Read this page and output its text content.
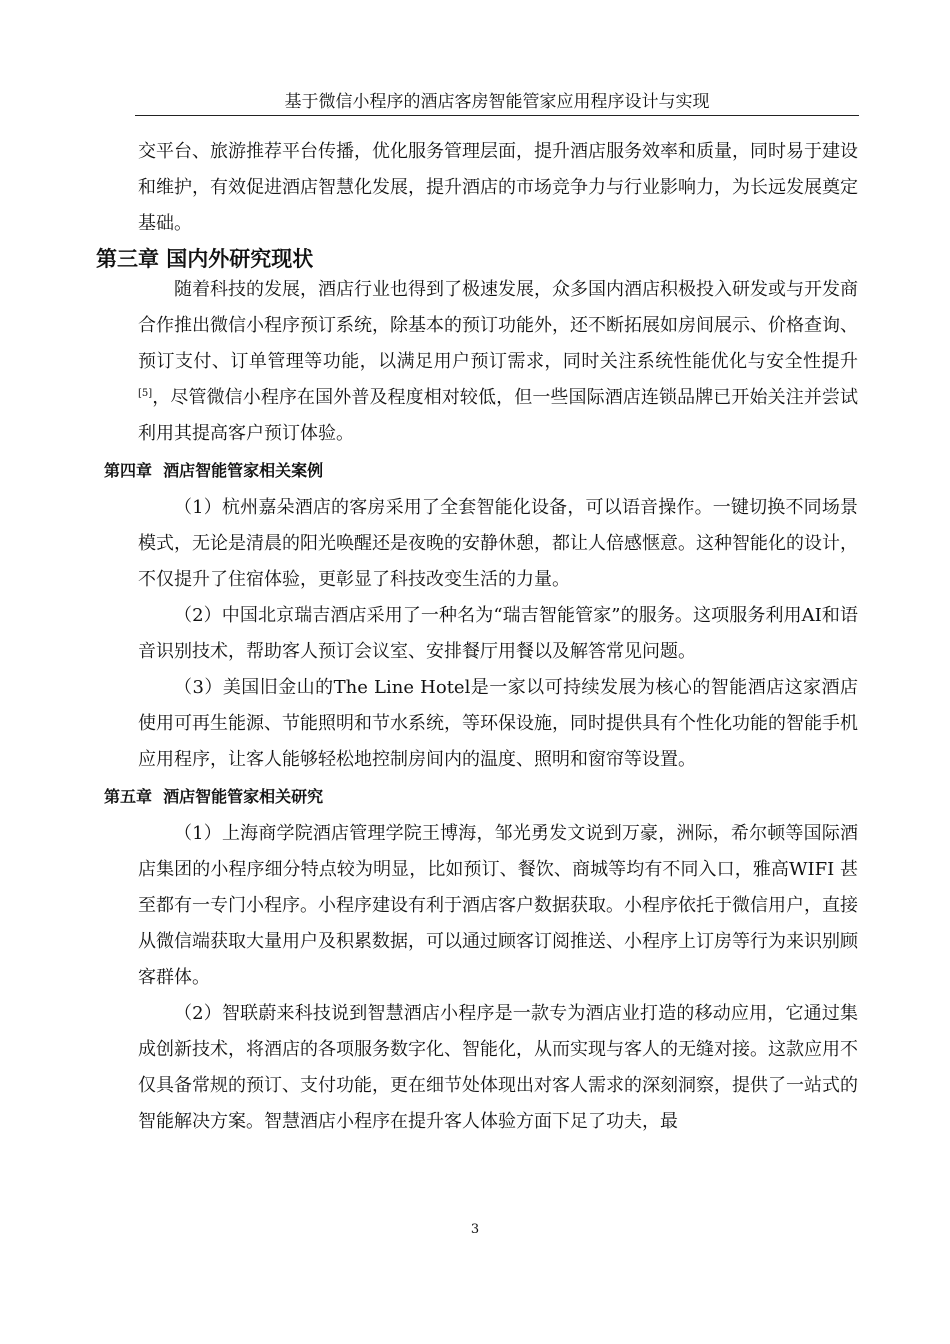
基于微信小程序的酒店客房智能管家应用程序设计与实现

交平台、旅游推荐平台传播，优化服务管理层面，提升酒店服务效率和质量，同时易于建设和维护，有效促进酒店智慧化发展，提升酒店的市场竞争力与行业影响力，为长远发展奠定基础。

第三章 国内外研究现状

随着科技的发展，酒店行业也得到了极速发展，众多国内酒店积极投入研发或与开发商合作推出微信小程序预订系统，除基本的预订功能外，还不断拓展如房间展示、价格查询、预订支付、订单管理等功能，以满足用户预订需求，同时关注系统性能优化与安全性提升[5]，尽管微信小程序在国外普及程度相对较低，但一些国际酒店连锁品牌已开始关注并尝试利用其提高客户预订体验。

第四章 酒店智能管家相关案例

（1）杭州嘉朵酒店的客房采用了全套智能化设备，可以语音操作。一键切换不同场景模式，无论是清晨的阳光唤醒还是夜晚的安静休憩，都让人倍感惬意。这种智能化的设计，不仅提升了住宿体验，更彰显了科技改变生活的力量。

（2）中国北京瑞吉酒店采用了一种名为“瑞吉智能管家”的服务。这项服务利用AI和语音识别技术，帮助客人预订会议室、安排餐厅用餐以及解答常见问题。

（3）美国旧金山的The Line Hotel是一家以可持续发展为核心的智能酒店这家酒店使用可再生能源、节能照明和节水系统，等环保设施，同时提供具有个性化功能的智能手机应用程序，让客人能够轻松地控制房间内的温度、照明和窗帘等设置。

第五章 酒店智能管家相关研究

（1）上海商学院酒店管理学院王博海，邹光勇发文说到万豪，洲际，希尔顿等国际酒店集团的小程序细分特点较为明显，比如预订、餐饮、商城等均有不同入口，雅高WIFI 甚至都有一专门小程序。小程序建设有利于酒店客户数据获取。小程序依托于微信用户，直接从微信端获取大量用户及积累数据，可以通过顾客订阅推送、小程序上订房等行为来识别顾客群体。

（2）智联蔚来科技说到智慧酒店小程序是一款专为酒店业打造的移动应用，它通过集成创新技术，将酒店的各项服务数字化、智能化，从而实现与客人的无缝对接。这款应用不仅具备常规的预订、支付功能，更在细节处体现出对客人需求的深刻洞察，提供了一站式的智能解决方案。智慧酒店小程序在提升客人体验方面下足了功夫，最

3
